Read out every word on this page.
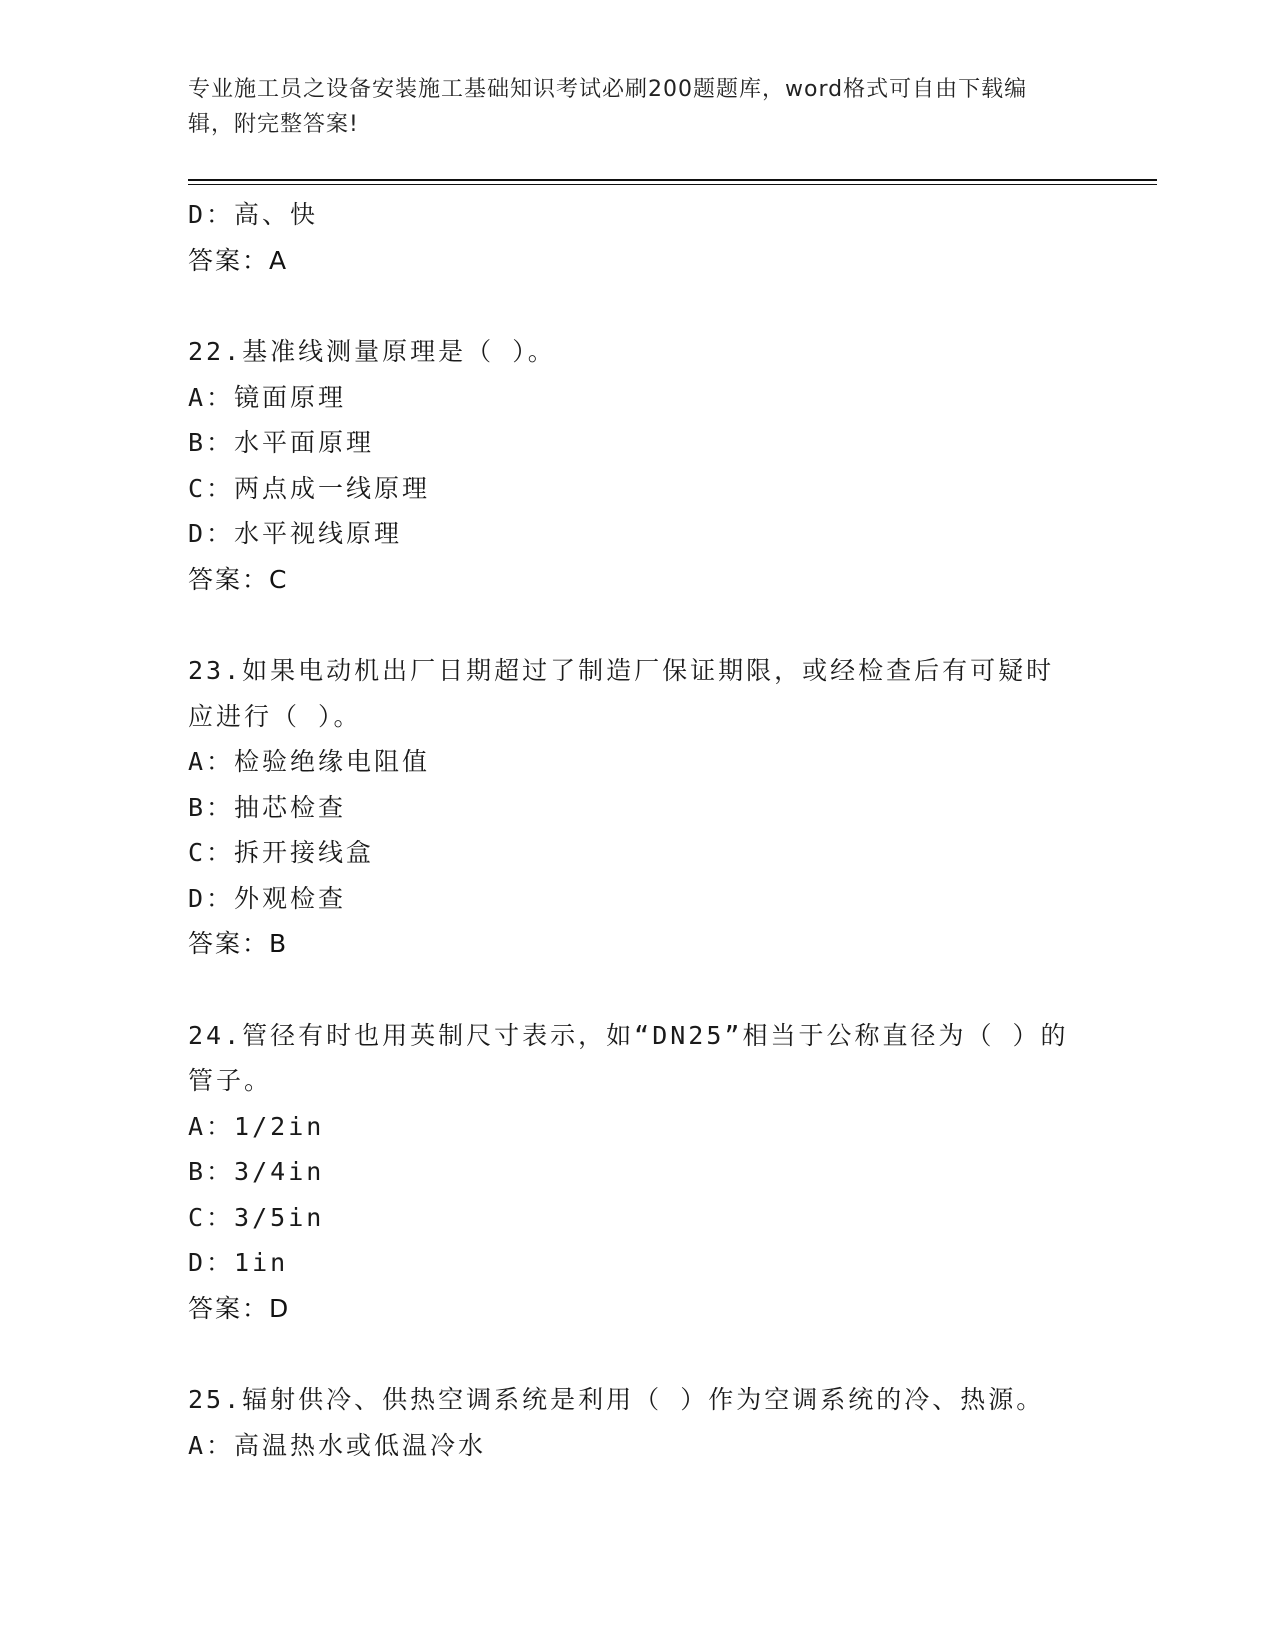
专业施工员之设备安装施工基础知识考试必刷200题题库，word格式可自由下载编辑，附完整答案!
D：高、快
答案：A
22.基准线测量原理是（ ）。
A：镜面原理
B：水平面原理
C：两点成一线原理
D：水平视线原理
答案：C
23.如果电动机出厂日期超过了制造厂保证期限，或经检查后有可疑时应进行（ ）。
A：检验绝缘电阻值
B：抽芯检查
C：拆开接线盒
D：外观检查
答案：B
24.管径有时也用英制尺寸表示，如“DN25”相当于公称直径为（ ）的管子。
A：1/2in
B：3/4in
C：3/5in
D：1in
答案：D
25.辐射供冷、供热空调系统是利用（ ）作为空调系统的冷、热源。
A：高温热水或低温冷水
